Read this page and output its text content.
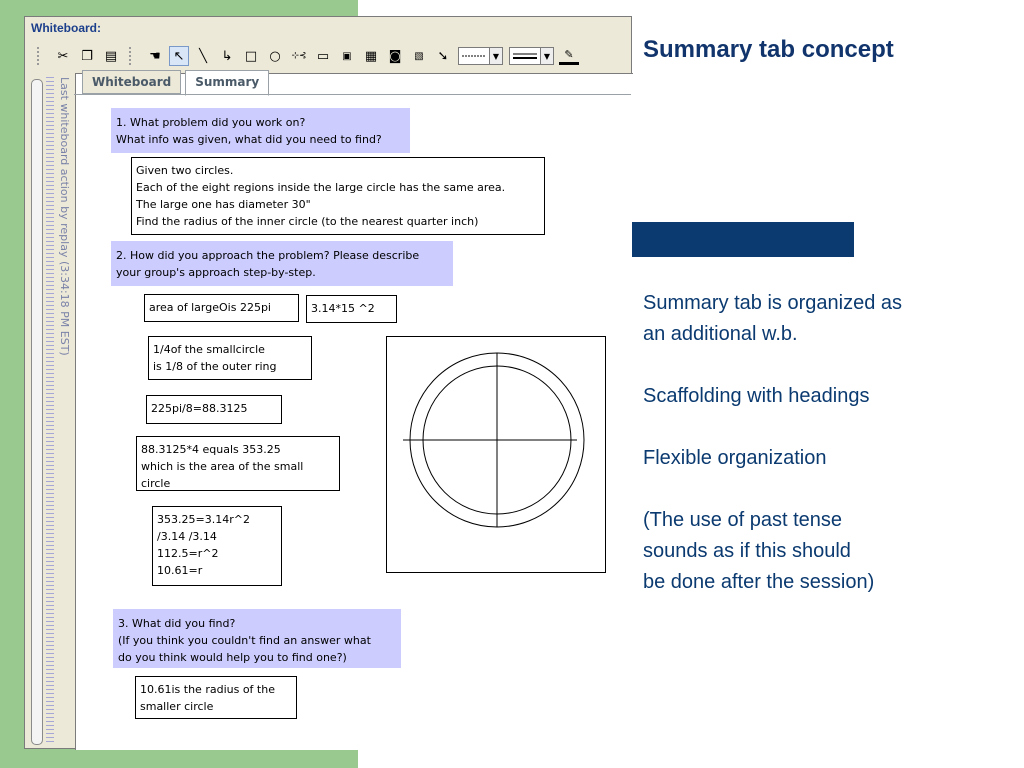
Whiteboard:
✂ ❐ ▤	☚ ↖	╲	↳ □ ○	⊹⊰ ▭	▣	▦ ◙	▧	➘	▼	▼	✎
Last whiteboard action by replay (3:34:18 PM EST)	Whiteboard	Summary
1. What problem did you work on?
What info was given, what did you need to find?
Given two circles.
Each of the eight regions inside the large circle has the same area.
The large one has diameter 30"
Find the radius of the inner circle (to the nearest quarter inch)
2. How did you approach the problem? Please describe
your group's approach step-by-step.
area of largeOis 225pi	3.14*15 ^2
1/4of the smallcircle
is 1/8 of the outer ring
225pi/8=88.3125
88.3125*4 equals 353.25
which is the area of the small
circle
353.25=3.14r^2
/3.14 /3.14
112.5=r^2
10.61=r
3. What did you find?
(If you think you couldn't find an answer what
do you think would help you to find one?)
10.61is the radius of the
smaller circle
Summary tab concept

Summary tab is organized as
an additional w.b.

Scaffolding with headings

Flexible organization

(The use of past tense
sounds as if this should
be done after the session)
